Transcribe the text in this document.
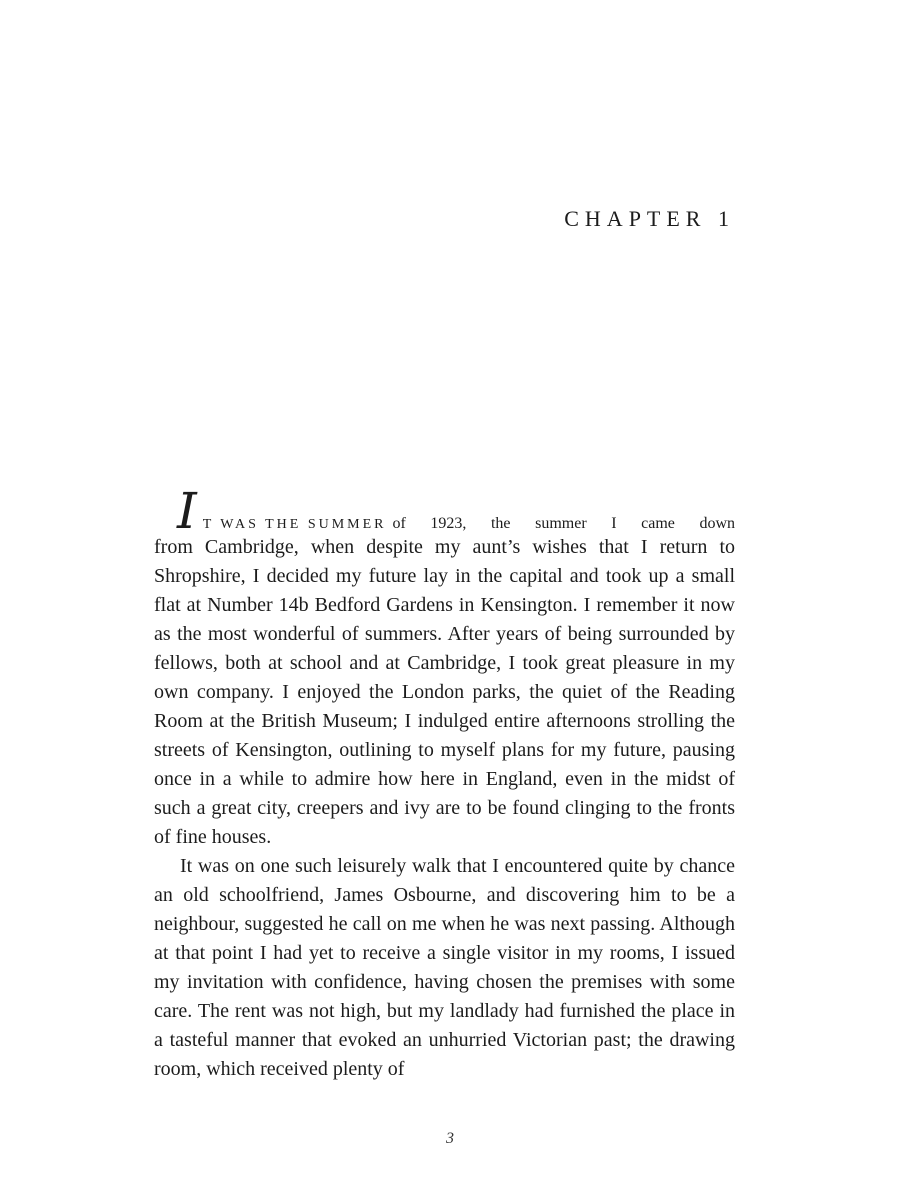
CHAPTER 1
I T WAS THE SUMMER of 1923, the summer I came down

from Cambridge, when despite my aunt’s wishes that I return to Shropshire, I decided my future lay in the capital and took up a small flat at Number 14b Bedford Gardens in Kensington. I remember it now as the most wonderful of summers. After years of being surrounded by fellows, both at school and at Cambridge, I took great pleasure in my own company. I enjoyed the London parks, the quiet of the Reading Room at the British Museum; I indulged entire afternoons strolling the streets of Kensington, outlining to myself plans for my future, pausing once in a while to admire how here in England, even in the midst of such a great city, creepers and ivy are to be found clinging to the fronts of fine houses.

It was on one such leisurely walk that I encountered quite by chance an old schoolfriend, James Osbourne, and discovering him to be a neighbour, suggested he call on me when he was next passing. Although at that point I had yet to receive a single visitor in my rooms, I issued my invitation with confidence, having chosen the premises with some care. The rent was not high, but my landlady had furnished the place in a tasteful manner that evoked an unhurried Victorian past; the drawing room, which received plenty of

3
